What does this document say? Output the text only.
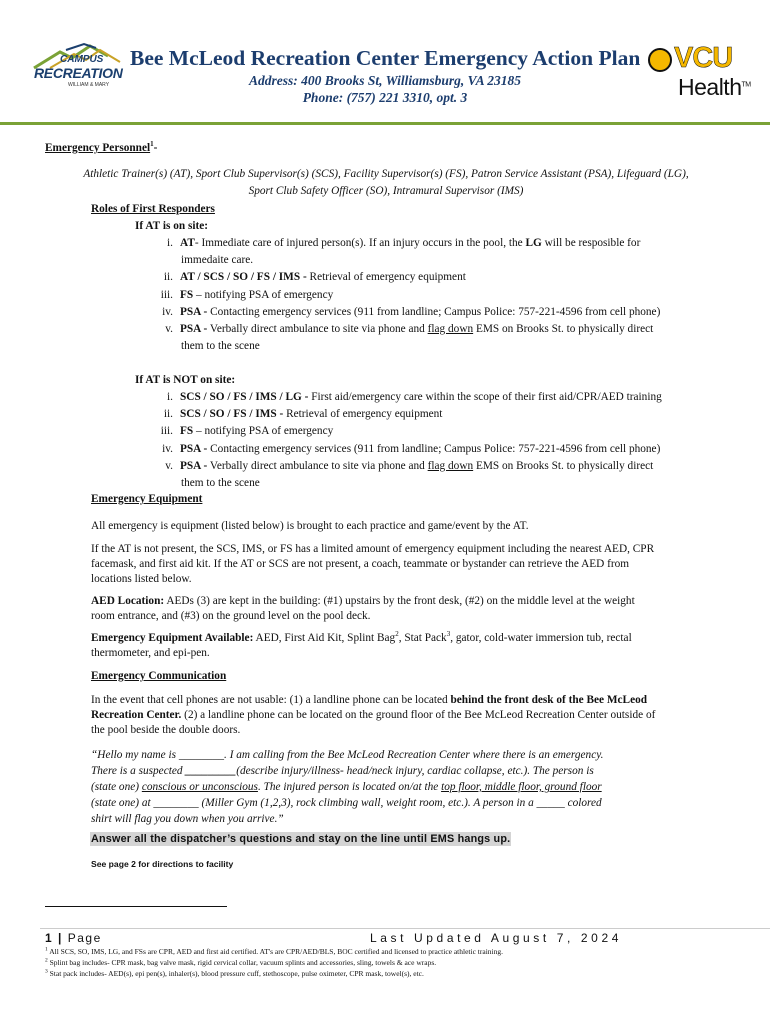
CAMPUS
RECREATION
WILLIAM & MARY
Bee McLeod Recreation Center Emergency Action Plan
Address: 400 Brooks St, Williamsburg, VA 23185
Phone: (757) 221 3310, opt. 3
VCU
Health™
Emergency Personnel$^1$-
Athletic Trainer(s) (AT), Sport Club Supervisor(s) (SCS), Facility Supervisor(s) (FS), Patron Service Assistant (PSA), Lifeguard (LG),
Sport Club Safety Officer (SO), Intramural Supervisor (IMS)
Roles of First Responders
If AT is on site:
i. AT- Immediate care of injured person(s). If an injury occurs in the pool, the LG will be resposible for
immedaite care.
ii. AT / SCS / SO / FS / IMS - Retrieval of emergency equipment
iii. FS – notifying PSA of emergency
iv. PSA - Contacting emergency services (911 from landline; Campus Police: 757-221-4596 from cell phone)
v. PSA - Verbally direct ambulance to site via phone and flag down EMS on Brooks St. to physically direct
them to the scene
If AT is NOT on site:
i. SCS / SO / FS / IMS / LG - First aid/emergency care within the scope of their first aid/CPR/AED training
ii. SCS / SO / FS / IMS - Retrieval of emergency equipment
iii. FS – notifying PSA of emergency
iv. PSA - Contacting emergency services (911 from landline; Campus Police: 757-221-4596 from cell phone)
v. PSA - Verbally direct ambulance to site via phone and flag down EMS on Brooks St. to physically direct
them to the scene
Emergency Equipment
All emergency is equipment (listed below) is brought to each practice and game/event by the AT.
If the AT is not present, the SCS, IMS, or FS has a limited amount of emergency equipment including the nearest AED, CPR
facemask, and first aid kit. If the AT or SCS are not present, a coach, teammate or bystander can retrieve the AED from
locations listed below.
AED Location: AEDs (3) are kept in the building: (#1) upstairs by the front desk, (#2) on the middle level at the weight
room entrance, and (#3) on the ground level on the pool deck.
Emergency Equipment Available: AED, First Aid Kit, Splint Bag$^2$, Stat Pack$^3$, gator, cold-water immersion tub, rectal
thermometer, and epi-pen.
Emergency Communication
In the event that cell phones are not usable: (1) a landline phone can be located behind the front desk of the Bee McLeod
Recreation Center. (2) a landline phone can be located on the ground floor of the Bee McLeod Recreation Center outside of
the pool beside the double doors.
“Hello my name is ________. I am calling from the Bee McLeod Recreation Center where there is an emergency.
There is a suspected _________(describe injury/illness- head/neck injury, cardiac collapse, etc.). The person is
(state one) conscious or unconscious. The injured person is located on/at the top floor, middle floor, ground floor
(state one) at ________ (Miller Gym (1,2,3), rock climbing wall, weight room, etc.). A person in a _____ colored
shirt will flag you down when you arrive.”
Answer all the dispatcher’s questions and stay on the line until EMS hangs up.
See page 2 for directions to facility
1 | Page	Last Updated August 7, 2024
$^1$ All SCS, SO, IMS, LG, and FSs are CPR, AED and first aid certified. AT's are CPR/AED/BLS, BOC certified and licensed to practice athletic training.
$^2$ Splint bag includes- CPR mask, bag valve mask, rigid cervical collar, vacuum splints and accessories, sling, towels & ace wraps.
$^3$ Stat pack includes- AED(s), epi pen(s), inhaler(s), blood pressure cuff, stethoscope, pulse oximeter, CPR mask, towel(s), etc.
